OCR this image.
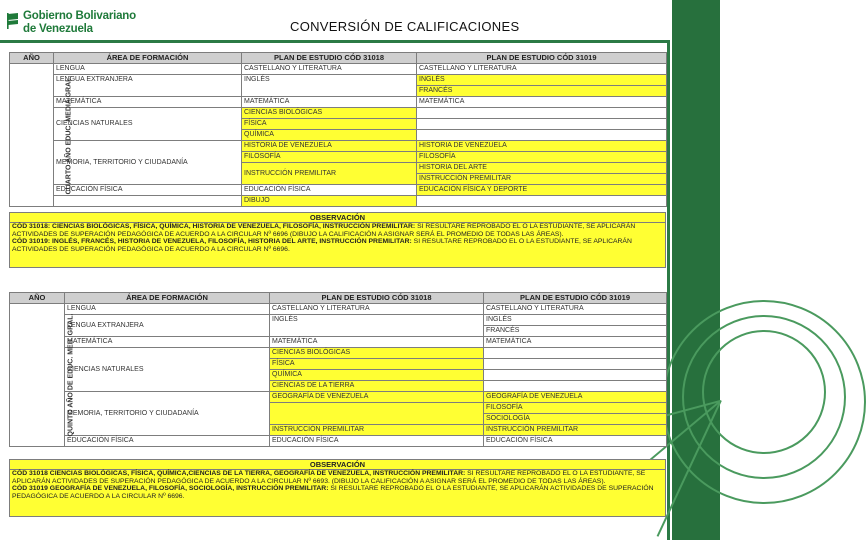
Gobierno Bolivariano
de Venezuela	CONVERSIÓN DE CALIFICACIONES
AÑO	ÁREA DE FORMACIÓN	PLAN DE ESTUDIO CÓD 31018	PLAN DE ESTUDIO CÓD 31019
CUARTO AÑO EDUC. MEDIA GRAL.	LENGUA	CASTELLANO Y LITERATURA	CASTELLANO Y LITERATURA
	LENGUA EXTRANJERA	INGLÉS	INGLÉS
			FRANCÉS
	MATEMÁTICA	MATEMÁTICA	MATEMÁTICA
	CIENCIAS NATURALES	CIENCIAS BIOLÓGICAS	
		FÍSICA	
		QUÍMICA	
	MEMORIA, TERRITORIO Y CIUDADANÍA	HISTORIA DE VENEZUELA	HISTORIA DE VENEZUELA
		FILOSOFÍA	FILOSOFÍA
		INSTRUCCIÓN PREMILITAR	HISTORIA DEL ARTE
			INSTRUCCIÓN PREMILITAR
	EDUCACIÓN FÍSICA	EDUCACIÓN FÍSICA	EDUCACIÓN FÍSICA Y DEPORTE
		DIBUJO	
OBSERVACIÓN
CÓD 31018: CIENCIAS BIOLÓGICAS, FÍSICA, QUÍMICA, HISTORIA DE VENEZUELA, FILOSOFÍA, INSTRUCCIÓN PREMILITAR: SI RESULTARE REPROBADO EL O LA ESTUDIANTE, SE APLICARÁN ACTIVIDADES DE SUPERACIÓN PEDAGÓGICA DE ACUERDO A LA CIRCULAR Nº 6696 (DIBUJO LA CALIFICACIÓN A ASIGNAR SERÁ EL PROMEDIO DE TODAS LAS ÁREAS).
CÓD 31019: INGLÉS, FRANCÉS, HISTORIA DE VENEZUELA, FILOSOFÍA, HISTORIA DEL ARTE, INSTRUCCIÓN PREMILITAR: SI RESULTARE REPROBADO EL O LA ESTUDIANTE, SE APLICARÁN ACTIVIDADES DE SUPERACIÓN PEDAGÓGICA DE ACUERDO A LA CIRCULAR Nº 6696.
AÑO	ÁREA DE FORMACIÓN	PLAN DE ESTUDIO CÓD 31018	PLAN DE ESTUDIO CÓD 31019
QUINTO AÑO DE EDUC. MED. GRAL.	LENGUA	CASTELLANO Y LITERATURA	CASTELLANO Y LITERATURA
	LENGUA EXTRANJERA	INGLÉS	INGLÉS
			FRANCÉS
	MATEMÁTICA	MATEMÁTICA	MATEMÁTICA
	CIENCIAS NATURALES	CIENCIAS BIOLÓGICAS	
		FÍSICA	
		QUÍMICA	
		CIENCIAS DE LA TIERRA	
	MEMORIA, TERRITORIO Y CIUDADANÍA	GEOGRAFÍA DE VENEZUELA	GEOGRAFÍA DE VENEZUELA
			FILOSOFÍA
			SOCIOLOGÍA
		INSTRUCCIÓN PREMILITAR	INSTRUCCIÓN PREMILITAR
	EDUCACIÓN FÍSICA	EDUCACIÓN FÍSICA	EDUCACIÓN FÍSICA
OBSERVACIÓN
CÓD 31018 CIENCIAS BIOLÓGICAS, FÍSICA, QUÍMICA,CIENCIAS DE LA TIERRA, GEOGRAFÍA DE VENEZUELA, INSTRUCCIÓN PREMILITAR: SI RESULTARE REPROBADO EL O LA ESTUDIANTE, SE APLICARÁN ACTIVIDADES DE SUPERACIÓN PEDAGÓGICA DE ACUERDO A LA CIRCULAR Nº 6693. (DIBUJO LA CALIFICACIÓN A ASIGNAR SERÁ EL PROMEDIO DE TODAS LAS ÁREAS).
CÓD 31019 GEOGRAFÍA DE VENEZUELA, FILOSOFÍA, SOCIOLOGÍA, INSTRUCCIÓN PREMILITAR: SI RESULTARE REPROBADO EL O LA ESTUDIANTE, SE APLICARÁN ACTIVIDADES DE SUPERACIÓN PEDAGÓGICA DE ACUERDO A LA CIRCULAR Nº 6696.
